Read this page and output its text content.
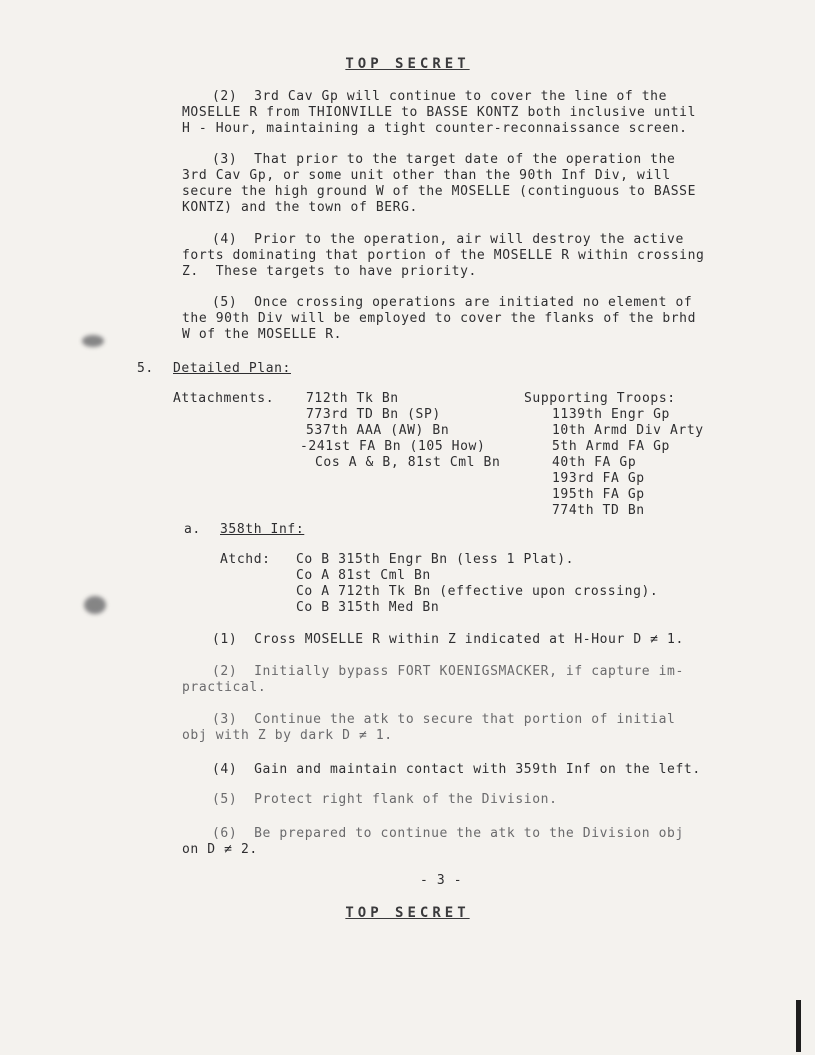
TOP SECRET
(2)  3rd Cav Gp will continue to cover the line of the
MOSELLE R from THIONVILLE to BASSE KONTZ both inclusive until
H - Hour, maintaining a tight counter-reconnaissance screen.
(3)  That prior to the target date of the operation the
3rd Cav Gp, or some unit other than the 90th Inf Div, will
secure the high ground W of the MOSELLE (continguous to BASSE
KONTZ) and the town of BERG.
(4)  Prior to the operation, air will destroy the active
forts dominating that portion of the MOSELLE R within crossing
Z.  These targets to have priority.
(5)  Once crossing operations are initiated no element of
the 90th Div will be employed to cover the flanks of the brhd
W of the MOSELLE R.
5. Detailed Plan:
Attachments. 712th Tk Bn
773rd TD Bn (SP)
537th AAA (AW) Bn
-241st FA Bn (105 How)
Cos A & B, 81st Cml Bn
Supporting Troops:
1139th Engr Gp
10th Armd Div Arty
5th Armd FA Gp
40th FA Gp
193rd FA Gp
195th FA Gp
774th TD Bn
a. 358th Inf:
Atchd: Co B 315th Engr Bn (less 1 Plat).
Co A 81st Cml Bn
Co A 712th Tk Bn (effective upon crossing).
Co B 315th Med Bn
(1)  Cross MOSELLE R within Z indicated at H-Hour D ≠ 1.
(2)  Initially bypass FORT KOENIGSMACKER, if capture im-
practical.
(3)  Continue the atk to secure that portion of initial
obj with Z by dark D ≠ 1.
(4)  Gain and maintain contact with 359th Inf on the left.
(5)  Protect right flank of the Division.
(6)  Be prepared to continue the atk to the Division obj
on D ≠ 2.
- 3 -
TOP SECRET
